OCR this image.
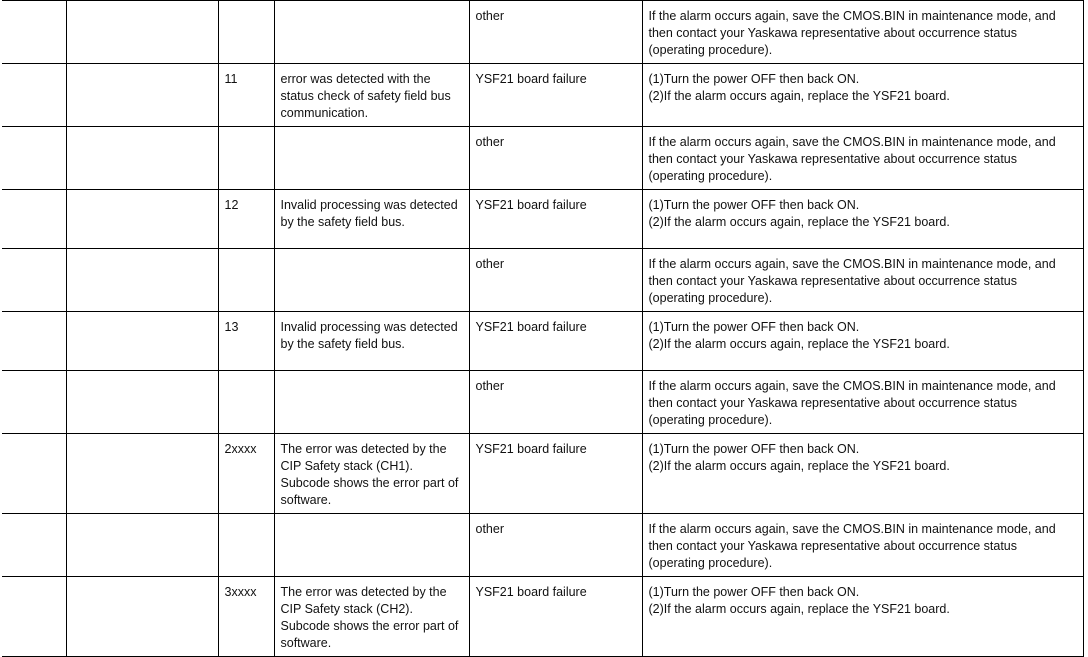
				other	If the alarm occurs again, save the CMOS.BIN in maintenance mode, and then contact your Yaskawa representative about occurrence status (operating procedure).

		11	error was detected with the status check of safety field bus communication.	YSF21 board failure	(1)Turn the power OFF then back ON.
(2)If the alarm occurs again, replace the YSF21 board.

				other	If the alarm occurs again, save the CMOS.BIN in maintenance mode, and then contact your Yaskawa representative about occurrence status (operating procedure).

		12	Invalid processing was detected by the safety field bus.	YSF21 board failure	(1)Turn the power OFF then back ON.
(2)If the alarm occurs again, replace the YSF21 board.

				other	If the alarm occurs again, save the CMOS.BIN in maintenance mode, and then contact your Yaskawa representative about occurrence status (operating procedure).

		13	Invalid processing was detected by the safety field bus.	YSF21 board failure	(1)Turn the power OFF then back ON.
(2)If the alarm occurs again, replace the YSF21 board.

				other	If the alarm occurs again, save the CMOS.BIN in maintenance mode, and then contact your Yaskawa representative about occurrence status (operating procedure).

		2xxxx	The error was detected by the CIP Safety stack (CH1). Subcode shows the error part of software.	YSF21 board failure	(1)Turn the power OFF then back ON.
(2)If the alarm occurs again, replace the YSF21 board.

				other	If the alarm occurs again, save the CMOS.BIN in maintenance mode, and then contact your Yaskawa representative about occurrence status (operating procedure).

		3xxxx	The error was detected by the CIP Safety stack (CH2). Subcode shows the error part of software.	YSF21 board failure	(1)Turn the power OFF then back ON.
(2)If the alarm occurs again, replace the YSF21 board.
